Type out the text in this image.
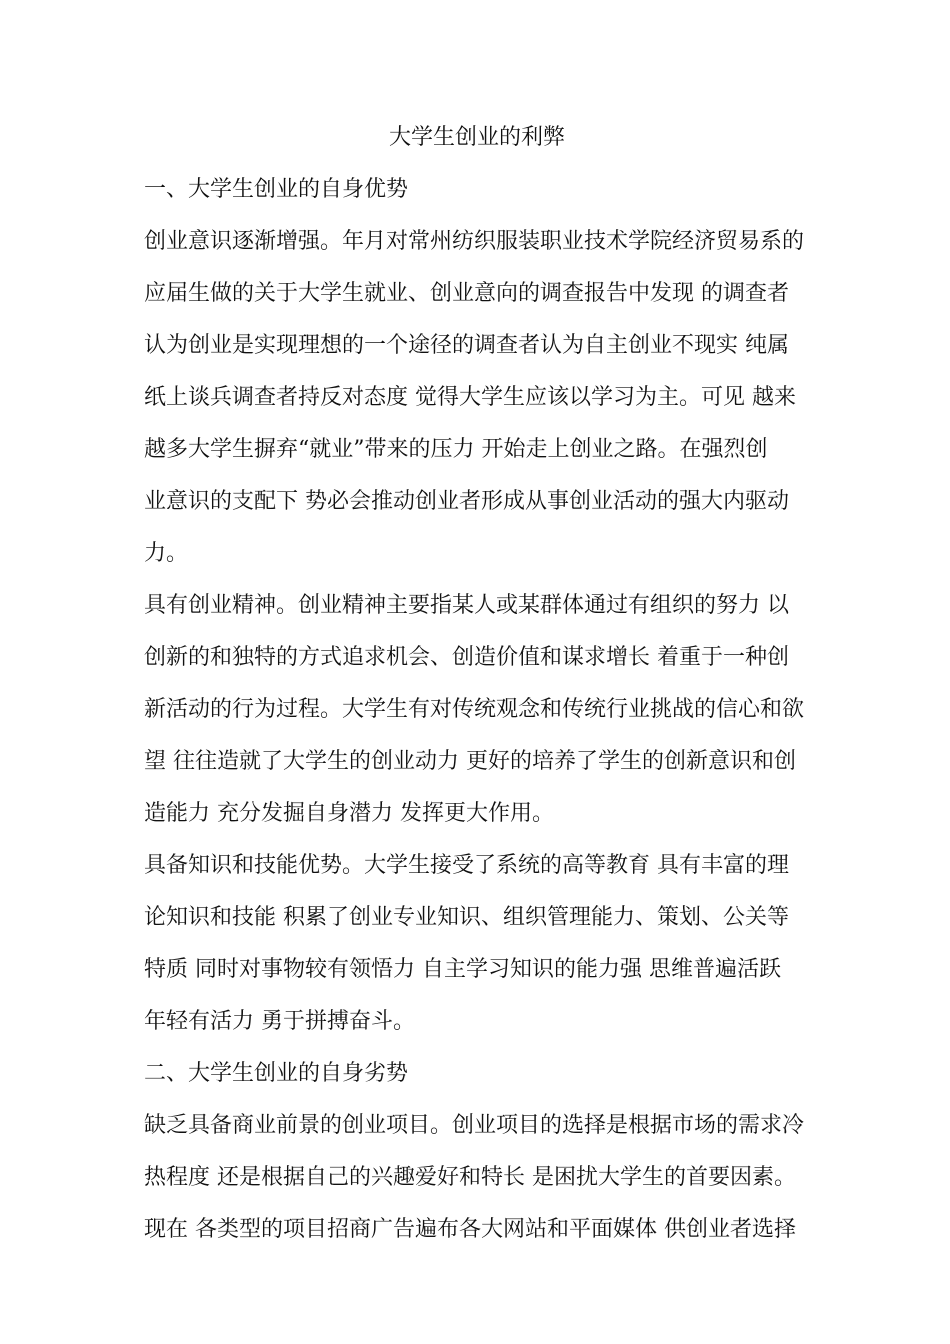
大学生创业的利弊

一、大学生创业的自身优势

创业意识逐渐增强。年月对常州纺织服装职业技术学院经济贸易系的

应届生做的关于大学生就业、创业意向的调查报告中发现 的调查者

认为创业是实现理想的一个途径的调查者认为自主创业不现实 纯属

纸上谈兵调查者持反对态度 觉得大学生应该以学习为主。可见 越来

越多大学生摒弃“就业”带来的压力 开始走上创业之路。在强烈创

业意识的支配下 势必会推动创业者形成从事创业活动的强大内驱动

力。

具有创业精神。创业精神主要指某人或某群体通过有组织的努力 以

创新的和独特的方式追求机会、创造价值和谋求增长 着重于一种创

新活动的行为过程。大学生有对传统观念和传统行业挑战的信心和欲

望 往往造就了大学生的创业动力 更好的培养了学生的创新意识和创

造能力 充分发掘自身潜力 发挥更大作用。

具备知识和技能优势。大学生接受了系统的高等教育 具有丰富的理

论知识和技能 积累了创业专业知识、组织管理能力、策划、公关等

特质 同时对事物较有领悟力 自主学习知识的能力强 思维普遍活跃

年轻有活力 勇于拼搏奋斗。

二、大学生创业的自身劣势

缺乏具备商业前景的创业项目。创业项目的选择是根据市场的需求冷

热程度 还是根据自己的兴趣爱好和特长 是困扰大学生的首要因素。

现在 各类型的项目招商广告遍布各大网站和平面媒体 供创业者选择
